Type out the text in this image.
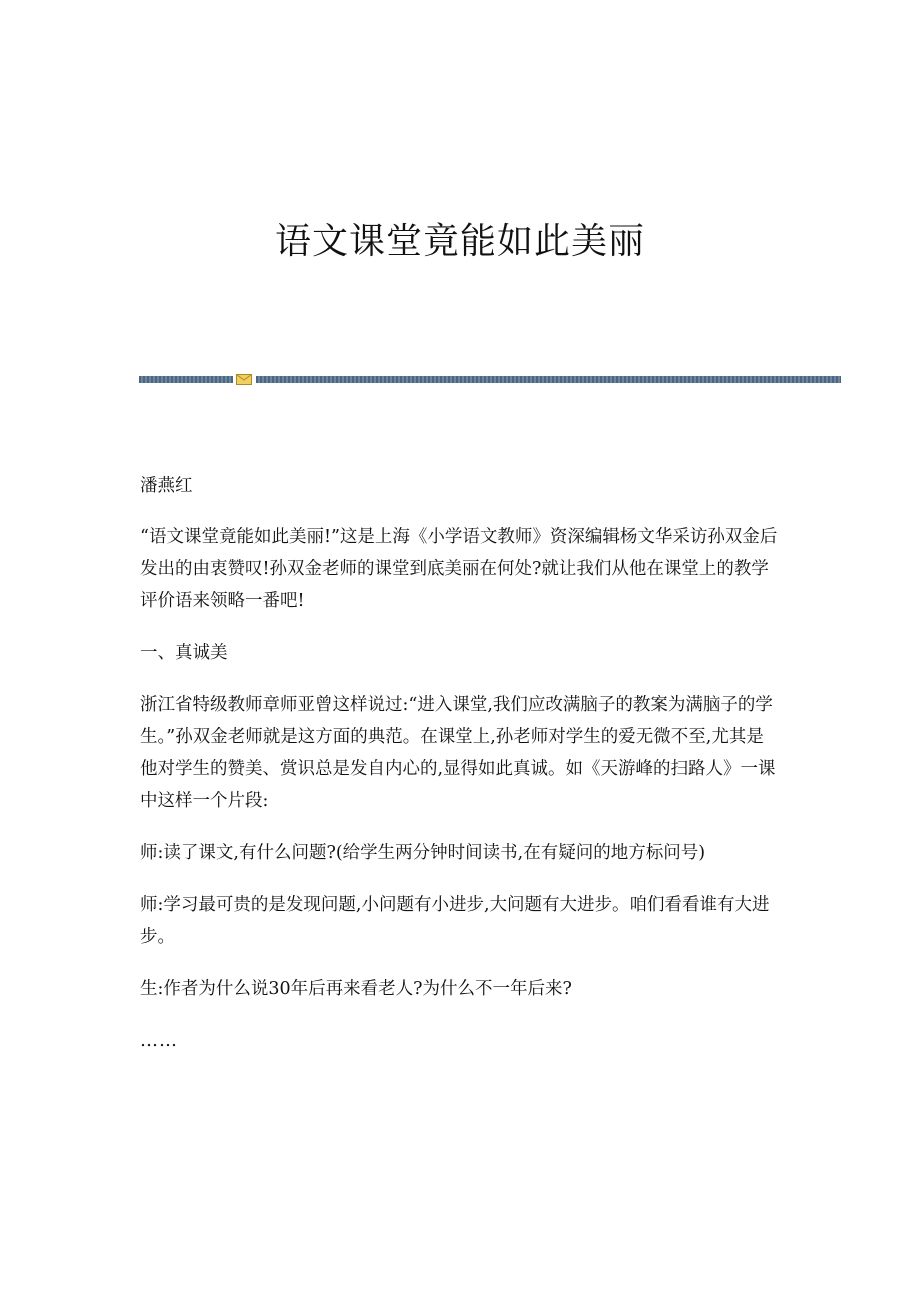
语文课堂竟能如此美丽

潘燕红

“语文课堂竟能如此美丽!”这是上海《小学语文教师》资深编辑杨文华采访孙双金后发出的由衷赞叹!孙双金老师的课堂到底美丽在何处?就让我们从他在课堂上的教学评价语来领略一番吧!

一、真诚美

浙江省特级教师章师亚曾这样说过:“进入课堂,我们应改满脑子的教案为满脑子的学生。”孙双金老师就是这方面的典范。在课堂上,孙老师对学生的爱无微不至,尤其是他对学生的赞美、赏识总是发自内心的,显得如此真诚。如《天游峰的扫路人》一课中这样一个片段:

师:读了课文,有什么问题?(给学生两分钟时间读书,在有疑问的地方标问号)

师:学习最可贵的是发现问题,小问题有小进步,大问题有大进步。咱们看看谁有大进步。

生:作者为什么说30年后再来看老人?为什么不一年后来?

……
